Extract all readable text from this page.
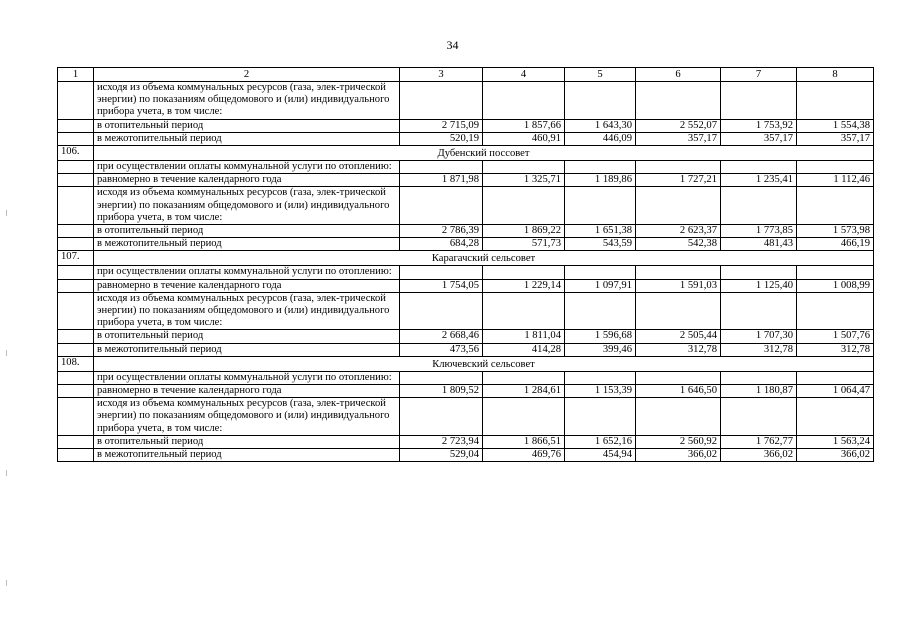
34
1	2	3	4	5	6	7	8
	исходя из объема коммунальных ресурсов (газа, элек-трической энергии) по показаниям общедомового и (или) индивидуального прибора учета, в том числе:						
	в отопительный период	2 715,09	1 857,66	1 643,30	2 552,07	1 753,92	1 554,38
	в межотопительный период	520,19	460,91	446,09	357,17	357,17	357,17
106.	Дубенский поссовет						
	при осуществлении оплаты коммунальной услуги по отоплению:						
	равномерно в течение календарного года	1 871,98	1 325,71	1 189,86	1 727,21	1 235,41	1 112,46
	исходя из объема коммунальных ресурсов (газа, элек-трической энергии) по показаниям общедомового и (или) индивидуального прибора учета, в том числе:						
	в отопительный период	2 786,39	1 869,22	1 651,38	2 623,37	1 773,85	1 573,98
	в межотопительный период	684,28	571,73	543,59	542,38	481,43	466,19
107.	Карагачский сельсовет						
	при осуществлении оплаты коммунальной услуги по отоплению:						
	равномерно в течение календарного года	1 754,05	1 229,14	1 097,91	1 591,03	1 125,40	1 008,99
	исходя из объема коммунальных ресурсов (газа, элек-трической энергии) по показаниям общедомового и (или) индивидуального прибора учета, в том числе:						
	в отопительный период	2 668,46	1 811,04	1 596,68	2 505,44	1 707,30	1 507,76
	в межотопительный период	473,56	414,28	399,46	312,78	312,78	312,78
108.	Ключевский сельсовет						
	при осуществлении оплаты коммунальной услуги по отоплению:						
	равномерно в течение календарного года	1 809,52	1 284,61	1 153,39	1 646,50	1 180,87	1 064,47
	исходя из объема коммунальных ресурсов (газа, элек-трической энергии) по показаниям общедомового и (или) индивидуального прибора учета, в том числе:						
	в отопительный период	2 723,94	1 866,51	1 652,16	2 560,92	1 762,77	1 563,24
	в межотопительный период	529,04	469,76	454,94	366,02	366,02	366,02
